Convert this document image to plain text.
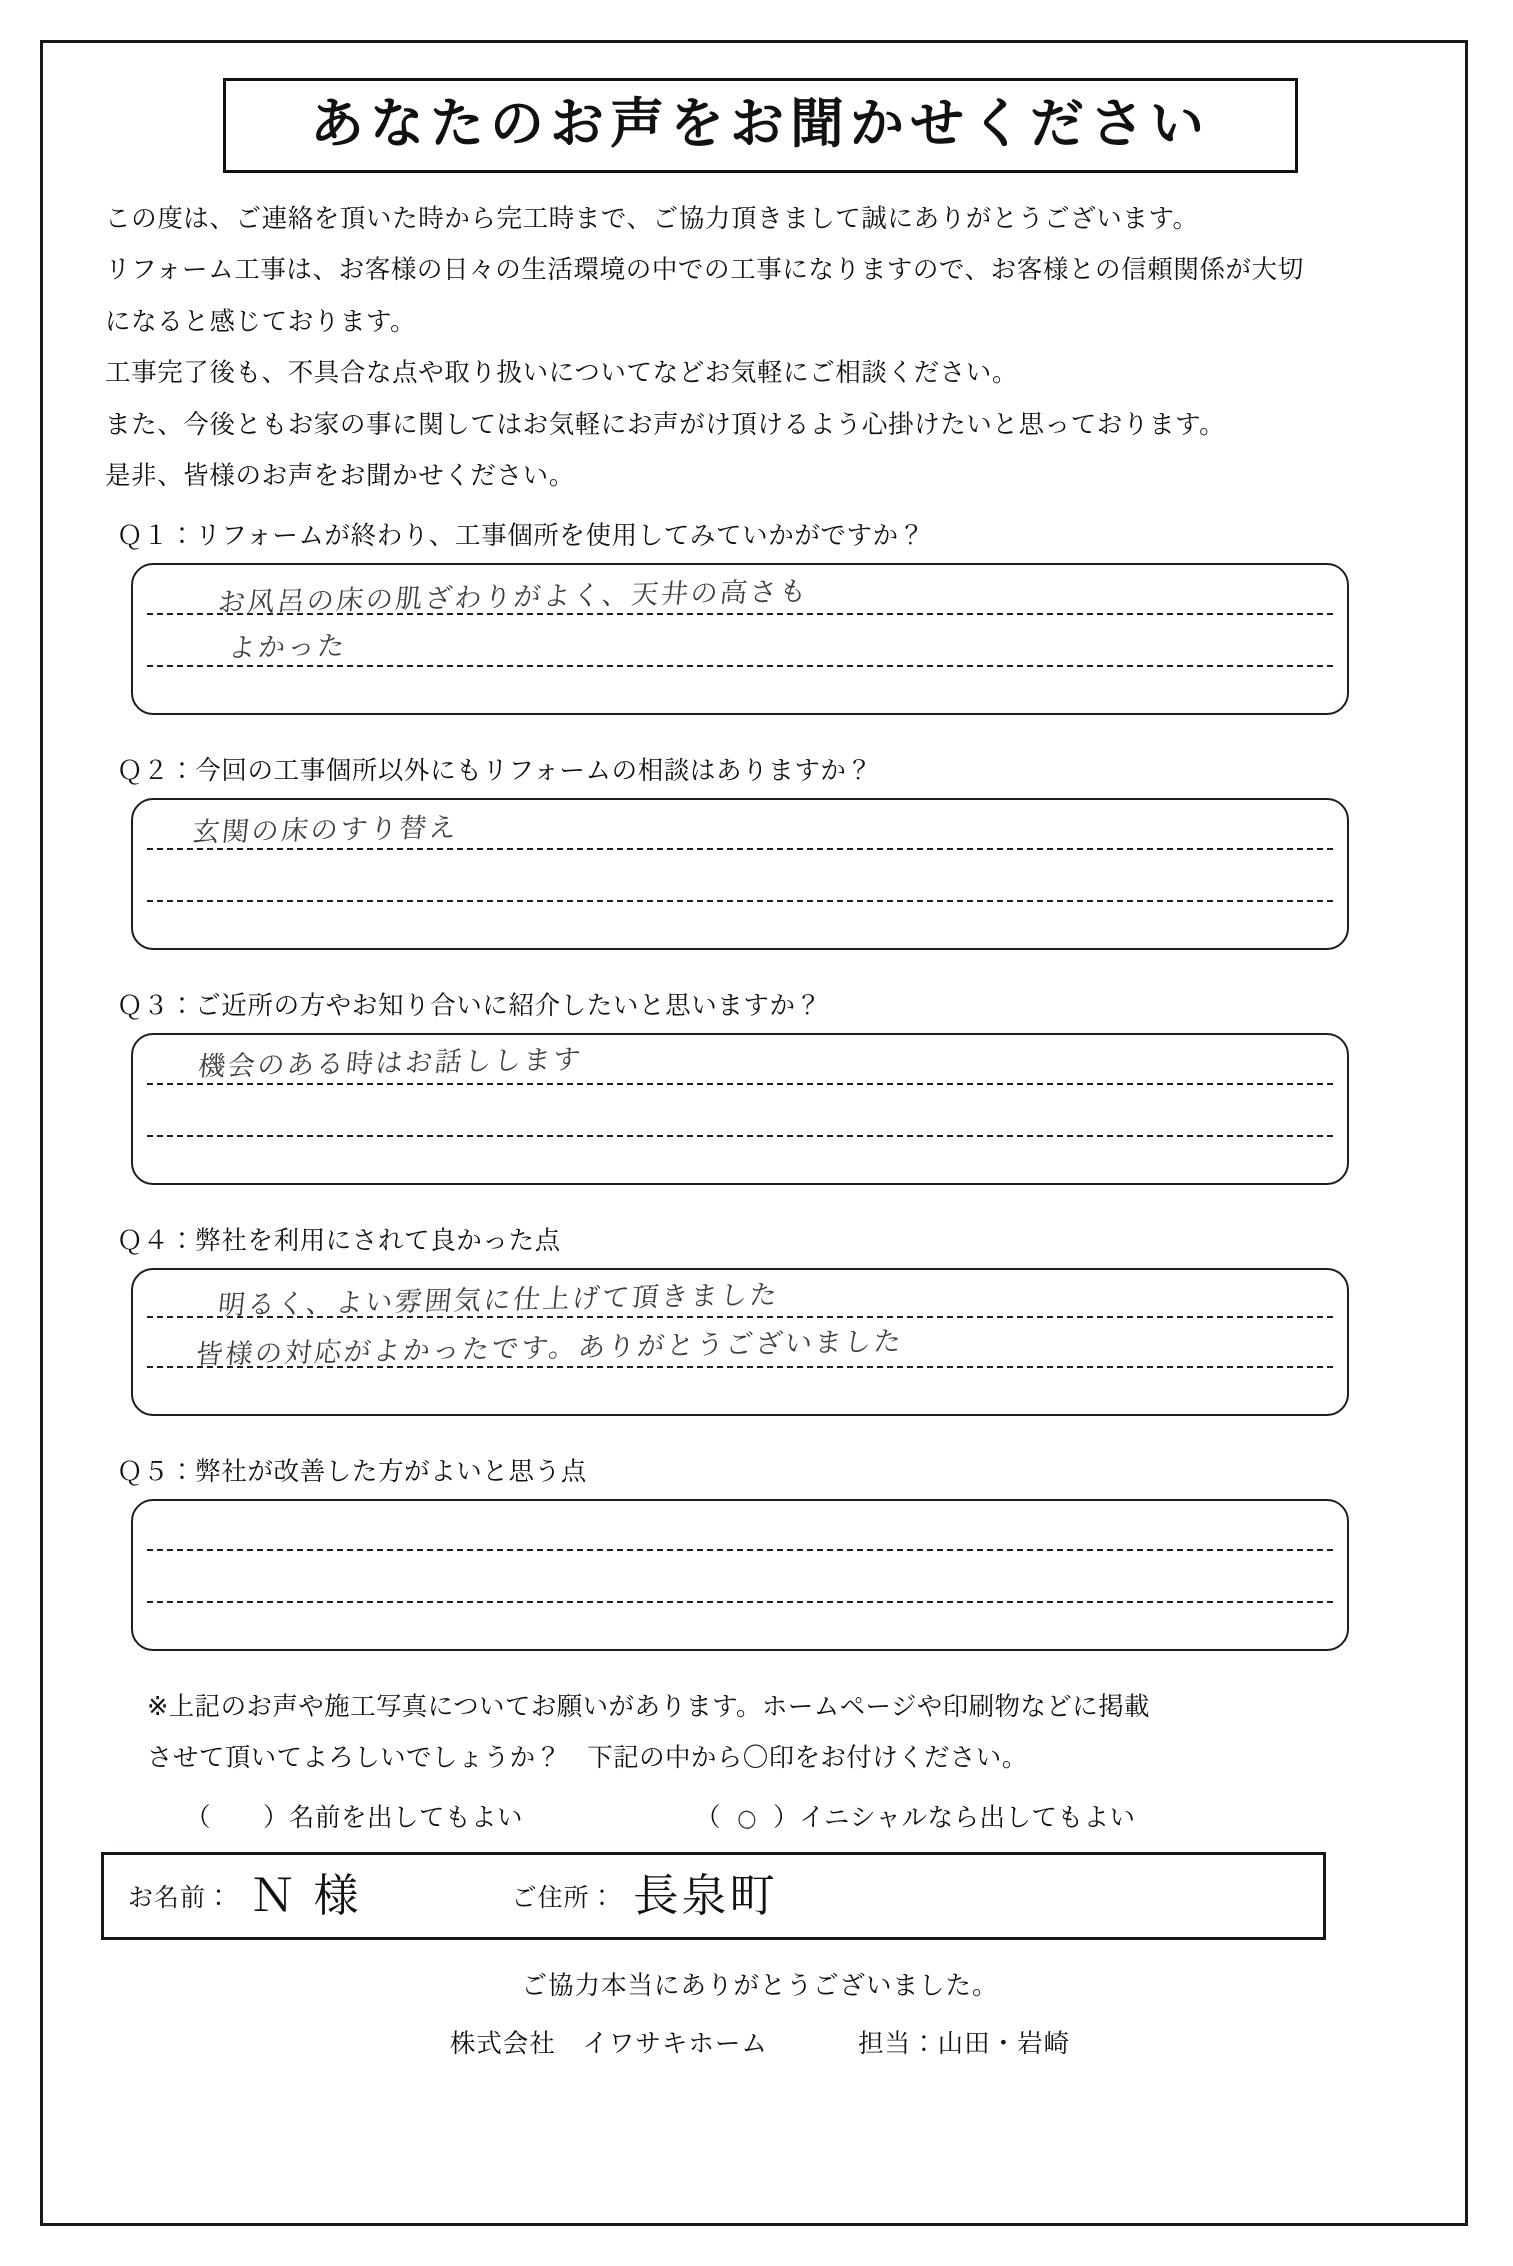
あなたのお声をお聞かせください
この度は、ご連絡を頂いた時から完工時まで、ご協力頂きまして誠にありがとうございます。
リフォーム工事は、お客様の日々の生活環境の中での工事になりますので、お客様との信頼関係が大切
になると感じております。
工事完了後も、不具合な点や取り扱いについてなどお気軽にご相談ください。
また、今後ともお家の事に関してはお気軽にお声がけ頂けるよう心掛けたいと思っております。
是非、皆様のお声をお聞かせください。
Ｑ１：リフォームが終わり、工事個所を使用してみていかがですか？
お风呂の床の肌ざわりがよく、天井の高さも
よかった
Ｑ２：今回の工事個所以外にもリフォームの相談はありますか？
玄関の床のすり替え
Ｑ３：ご近所の方やお知り合いに紹介したいと思いますか？
機会のある時はお話しします
Ｑ４：弊社を利用にされて良かった点
明るく、よい雰囲気に仕上げて頂きました
皆様の対応がよかったです。ありがとうございました
Ｑ５：弊社が改善した方がよいと思う点
※上記のお声や施工写真についてお願いがあります。ホームページや印刷物などに掲載
させて頂いてよろしいでしょうか？　下記の中から〇印をお付けください。
（ ） 名前を出してもよい	（ ○ ） イニシャルなら出してもよい
お名前： Ｎ 様	ご住所： 長泉町
ご協力本当にありがとうございました。
株式会社　イワサキホーム	担当：山田・岩崎
